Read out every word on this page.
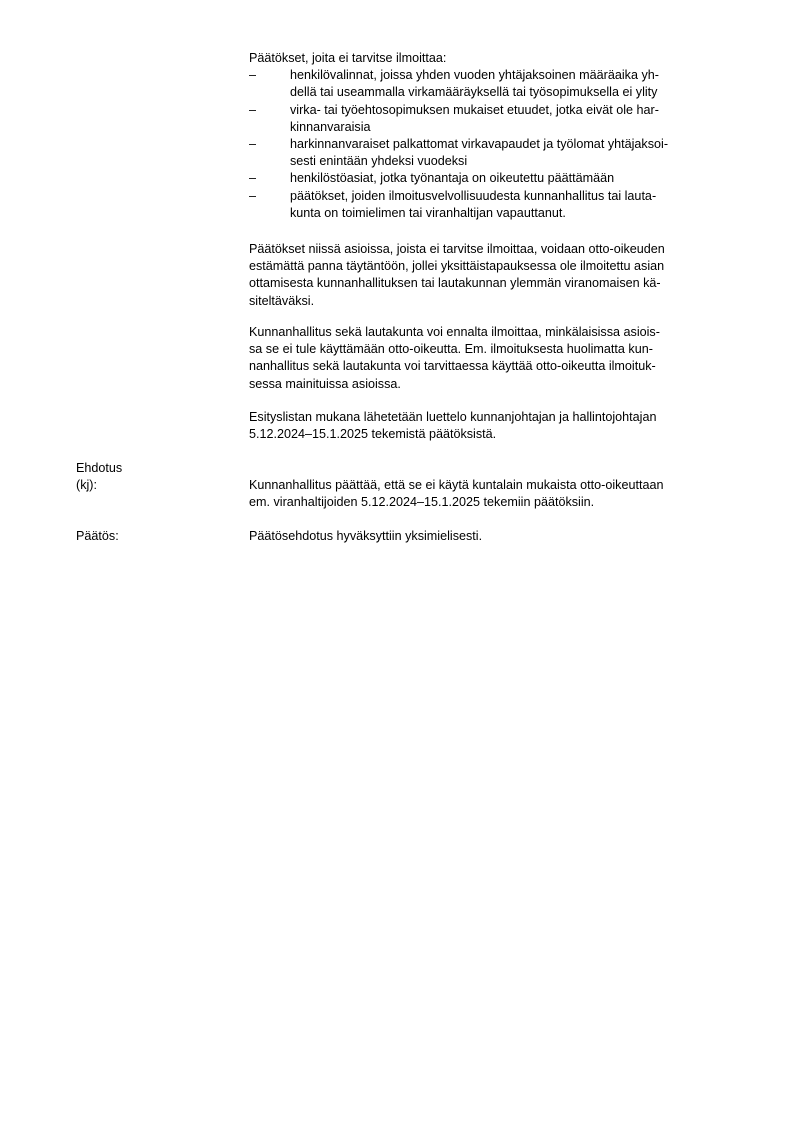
Päätökset, joita ei tarvitse ilmoittaa:

–	henkilövalinnat, joissa yhden vuoden yhtäjaksoinen määräaika yh-
dellä tai useammalla virkamääräyksellä tai työsopimuksella ei ylity
–	virka- tai työehtosopimuksen mukaiset etuudet, jotka eivät ole har-
kinnanvaraisia
–	harkinnanvaraiset palkattomat virkavapaudet ja työlomat yhtäjaksoi-
sesti enintään yhdeksi vuodeksi
–	henkilöstöasiat, jotka työnantaja on oikeutettu päättämään
–	päätökset, joiden ilmoitusvelvollisuudesta kunnanhallitus tai lauta-
kunta on toimielimen tai viranhaltijan vapauttanut.
Päätökset niissä asioissa, joista ei tarvitse ilmoittaa, voidaan otto-oikeuden
estämättä panna täytäntöön, jollei yksittäistapauksessa ole ilmoitettu asian
ottamisesta kunnanhallituksen tai lautakunnan ylemmän viranomaisen kä-
siteltäväksi.
Kunnanhallitus sekä lautakunta voi ennalta ilmoittaa, minkälaisissa asiois-
sa se ei tule käyttämään otto-oikeutta. Em. ilmoituksesta huolimatta kun-
nanhallitus sekä lautakunta voi tarvittaessa käyttää otto-oikeutta ilmoituk-
sessa mainituissa asioissa.
Esityslistan mukana lähetetään luettelo kunnanjohtajan ja hallintojohtajan
5.12.2024–15.1.2025 tekemistä päätöksistä.
Ehdotus
(kj):	Kunnanhallitus päättää, että se ei käytä kuntalain mukaista otto-oikeuttaan
em. viranhaltijoiden 5.12.2024–15.1.2025 tekemiin päätöksiin.
Päätös:	Päätösehdotus hyväksyttiin yksimielisesti.
